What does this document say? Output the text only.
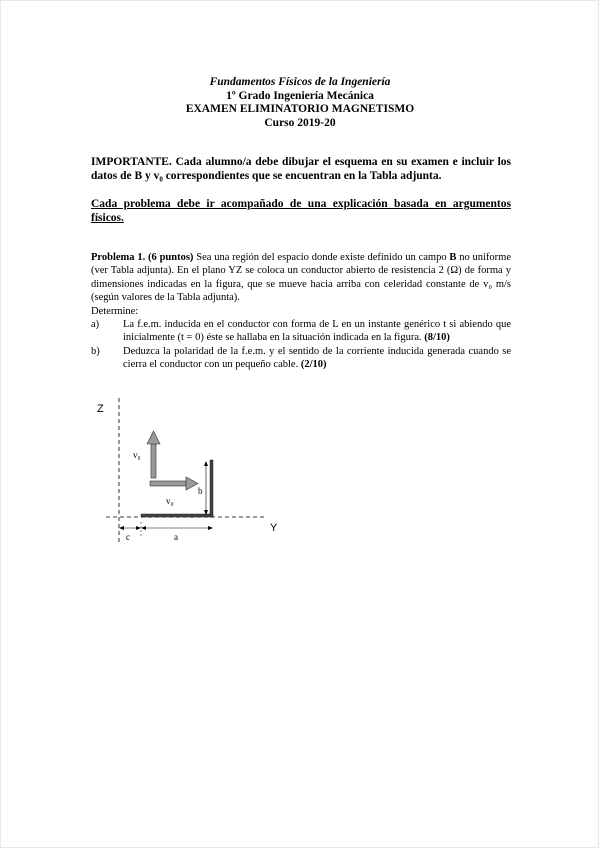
Fundamentos Físicos de la Ingeniería
1º Grado Ingeniería Mecánica
EXAMEN ELIMINATORIO MAGNETISMO
Curso 2019-20
IMPORTANTE. Cada alumno/a debe dibujar el esquema en su examen e incluir los datos de B y v₀ correspondientes que se encuentran en la Tabla adjunta.
Cada problema debe ir acompañado de una explicación basada en argumentos físicos.
Problema 1. (6 puntos) Sea una región del espacio donde existe definido un campo B no uniforme (ver Tabla adjunta). En el plano YZ se coloca un conductor abierto de resistencia 2 (Ω) de forma y dimensiones indicadas en la figura, que se mueve hacia arriba con celeridad constante de v₀ m/s (según valores de la Tabla adjunta).
Determine:
a)	La f.e.m. inducida en el conductor con forma de L en un instante genérico t si abiendo que inicialmente (t = 0) éste se hallaba en la situación indicada en la figura. (8/10)
b)	Deduzca la polaridad de la f.e.m. y el sentido de la corriente inducida generada cuando se cierra el conductor con un pequeño cable. (2/10)
Z
Y
v₀
v₀
b
c	a
